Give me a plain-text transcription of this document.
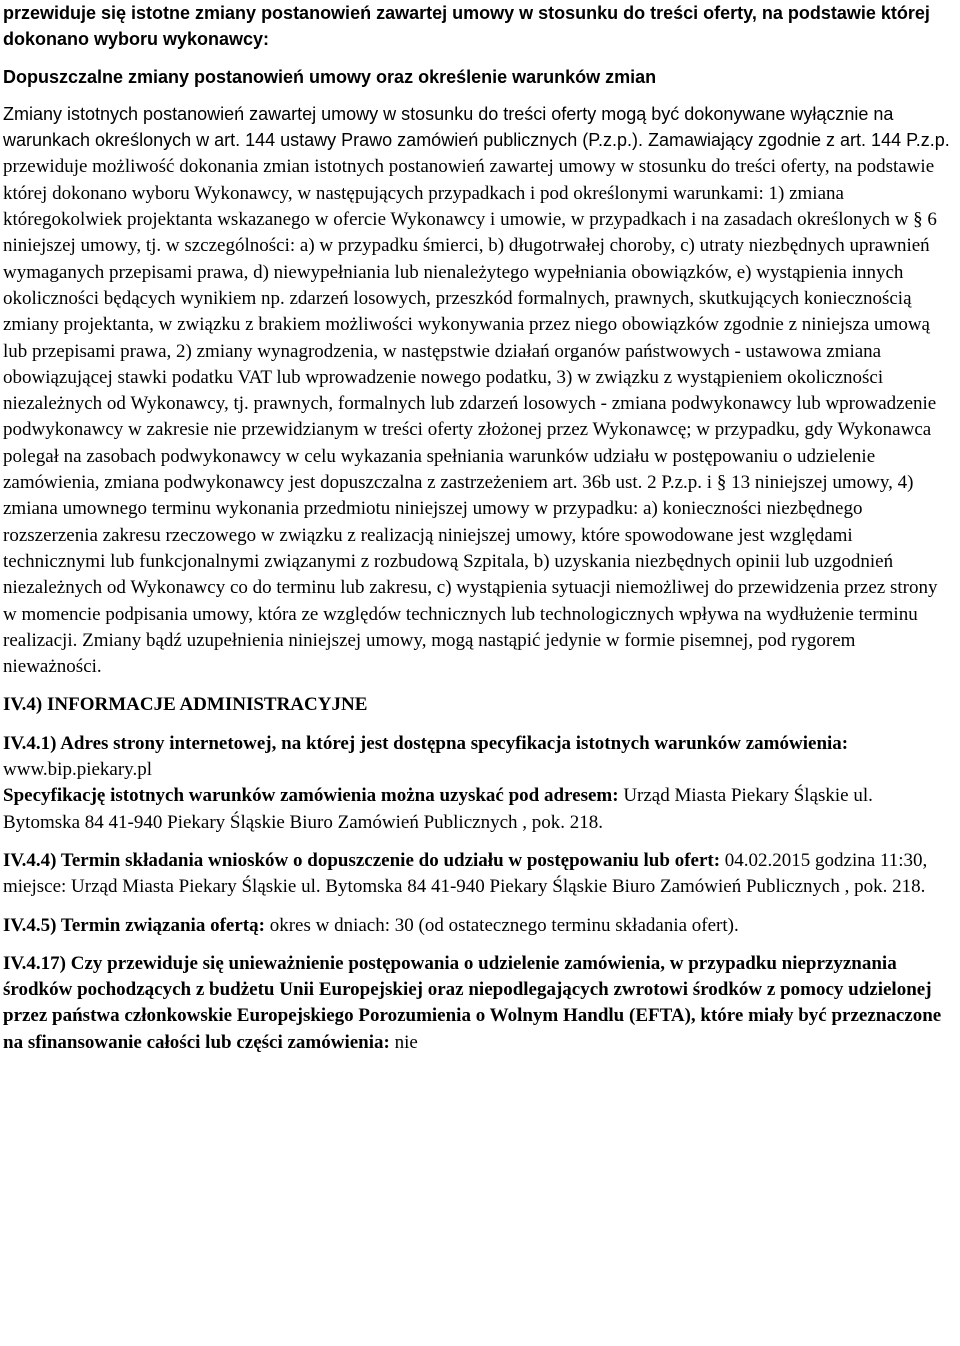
przewiduje się istotne zmiany postanowień zawartej umowy w stosunku do treści oferty, na podstawie której dokonano wyboru wykonawcy:

Dopuszczalne zmiany postanowień umowy oraz określenie warunków zmian

Zmiany istotnych postanowień zawartej umowy w stosunku do treści oferty mogą być dokonywane wyłącznie na warunkach określonych w art. 144 ustawy Prawo zamówień publicznych (P.z.p.). Zamawiający zgodnie z art. 144 P.z.p. przewiduje możliwość dokonania zmian istotnych postanowień zawartej umowy w stosunku do treści oferty, na podstawie której dokonano wyboru Wykonawcy, w następujących przypadkach i pod określonymi warunkami: 1) zmiana któregokolwiek projektanta wskazanego w ofercie Wykonawcy i umowie, w przypadkach i na zasadach określonych w § 6 niniejszej umowy, tj. w szczególności: a) w przypadku śmierci, b) długotrwałej choroby, c) utraty niezbędnych uprawnień wymaganych przepisami prawa, d) niewypełniania lub nienależytego wypełniania obowiązków, e) wystąpienia innych okoliczności będących wynikiem np. zdarzeń losowych, przeszkód formalnych, prawnych, skutkujących koniecznością zmiany projektanta, w związku z brakiem możliwości wykonywania przez niego obowiązków zgodnie z niniejsza umową lub przepisami prawa, 2) zmiany wynagrodzenia, w następstwie działań organów państwowych - ustawowa zmiana obowiązującej stawki podatku VAT lub wprowadzenie nowego podatku, 3) w związku z wystąpieniem okoliczności niezależnych od Wykonawcy, tj. prawnych, formalnych lub zdarzeń losowych - zmiana podwykonawcy lub wprowadzenie podwykonawcy w zakresie nie przewidzianym w treści oferty złożonej przez Wykonawcę; w przypadku, gdy Wykonawca polegał na zasobach podwykonawcy w celu wykazania spełniania warunków udziału w postępowaniu o udzielenie zamówienia, zmiana podwykonawcy jest dopuszczalna z zastrzeżeniem art. 36b ust. 2 P.z.p. i § 13 niniejszej umowy, 4) zmiana umownego terminu wykonania przedmiotu niniejszej umowy w przypadku: a) konieczności niezbędnego rozszerzenia zakresu rzeczowego w związku z realizacją niniejszej umowy, które spowodowane jest względami technicznymi lub funkcjonalnymi związanymi z rozbudową Szpitala, b) uzyskania niezbędnych opinii lub uzgodnień niezależnych od Wykonawcy co do terminu lub zakresu, c) wystąpienia sytuacji niemożliwej do przewidzenia przez strony w momencie podpisania umowy, która ze względów technicznych lub technologicznych wpływa na wydłużenie terminu realizacji. Zmiany bądź uzupełnienia niniejszej umowy, mogą nastąpić jedynie w formie pisemnej, pod rygorem nieważności.

IV.4) INFORMACJE ADMINISTRACYJNE

IV.4.1) Adres strony internetowej, na której jest dostępna specyfikacja istotnych warunków zamówienia: www.bip.piekary.pl

Specyfikację istotnych warunków zamówienia można uzyskać pod adresem: Urząd Miasta Piekary Śląskie ul. Bytomska 84 41-940 Piekary Śląskie Biuro Zamówień Publicznych , pok. 218.

IV.4.4) Termin składania wniosków o dopuszczenie do udziału w postępowaniu lub ofert: 04.02.2015 godzina 11:30, miejsce: Urząd Miasta Piekary Śląskie ul. Bytomska 84 41-940 Piekary Śląskie Biuro Zamówień Publicznych , pok. 218.

IV.4.5) Termin związania ofertą: okres w dniach: 30 (od ostatecznego terminu składania ofert).

IV.4.17) Czy przewiduje się unieważnienie postępowania o udzielenie zamówienia, w przypadku nieprzyznania środków pochodzących z budżetu Unii Europejskiej oraz niepodlegających zwrotowi środków z pomocy udzielonej przez państwa członkowskie Europejskiego Porozumienia o Wolnym Handlu (EFTA), które miały być przeznaczone na sfinansowanie całości lub części zamówienia: nie
